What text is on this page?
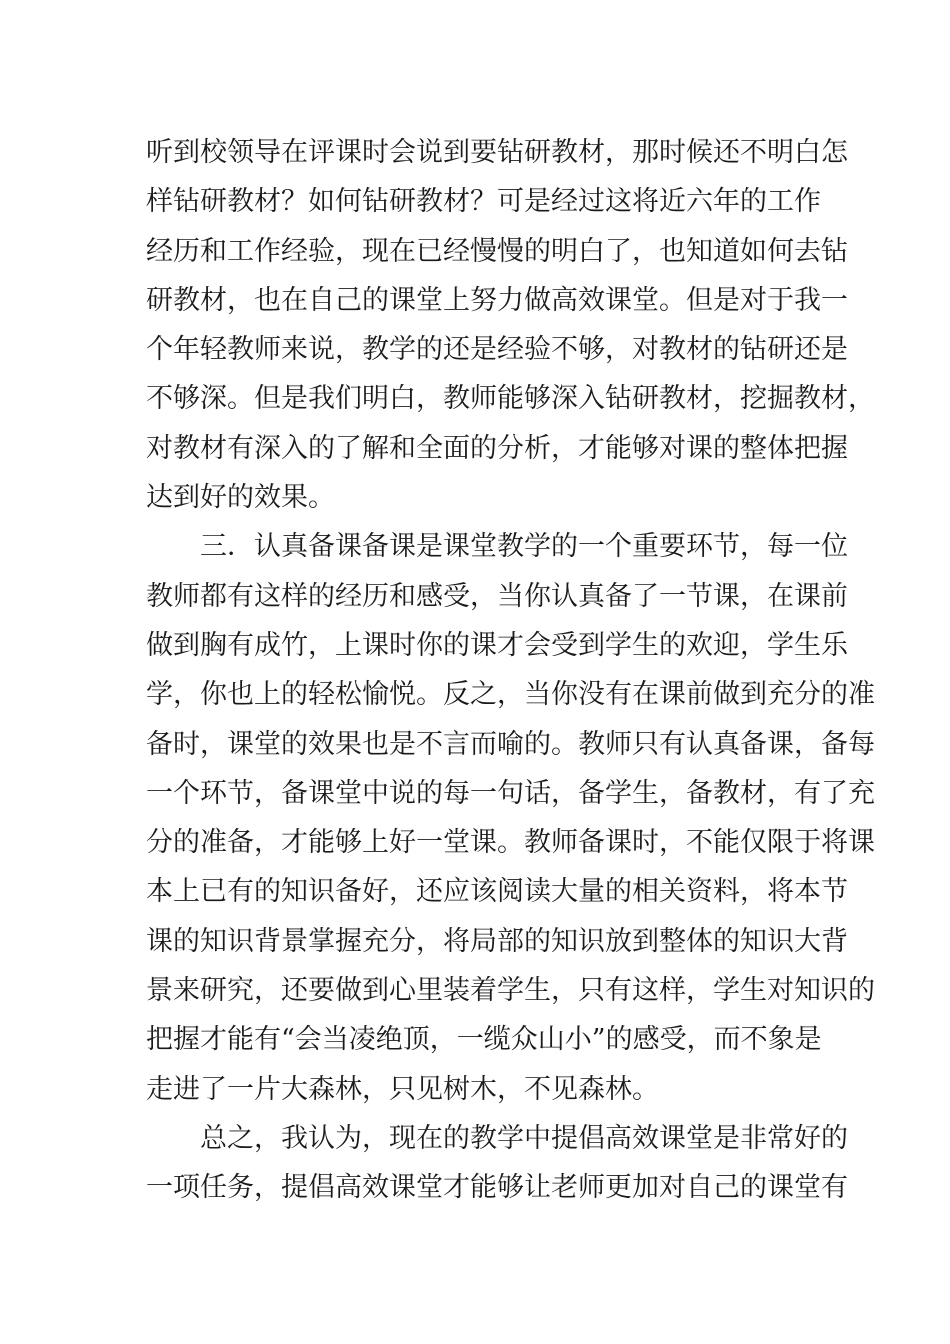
听到校领导在评课时会说到要钻研教材，那时候还不明白怎
样钻研教材？如何钻研教材？可是经过这将近六年的工作
经历和工作经验，现在已经慢慢的明白了，也知道如何去钻
研教材，也在自己的课堂上努力做高效课堂。但是对于我一
个年轻教师来说，教学的还是经验不够，对教材的钻研还是
不够深。但是我们明白，教师能够深入钻研教材，挖掘教材，
对教材有深入的了解和全面的分析，才能够对课的整体把握
达到好的效果。
三．认真备课备课是课堂教学的一个重要环节，每一位
教师都有这样的经历和感受，当你认真备了一节课，在课前
做到胸有成竹，上课时你的课才会受到学生的欢迎，学生乐
学，你也上的轻松愉悦。反之，当你没有在课前做到充分的准
备时，课堂的效果也是不言而喻的。教师只有认真备课，备每
一个环节，备课堂中说的每一句话，备学生，备教材，有了充
分的准备，才能够上好一堂课。教师备课时，不能仅限于将课
本上已有的知识备好，还应该阅读大量的相关资料，将本节
课的知识背景掌握充分，将局部的知识放到整体的知识大背
景来研究，还要做到心里装着学生，只有这样，学生对知识的
把握才能有“会当凌绝顶，一缆众山小”的感受，而不象是
走进了一片大森林，只见树木，不见森林。
总之，我认为，现在的教学中提倡高效课堂是非常好的
一项任务，提倡高效课堂才能够让老师更加对自己的课堂有
